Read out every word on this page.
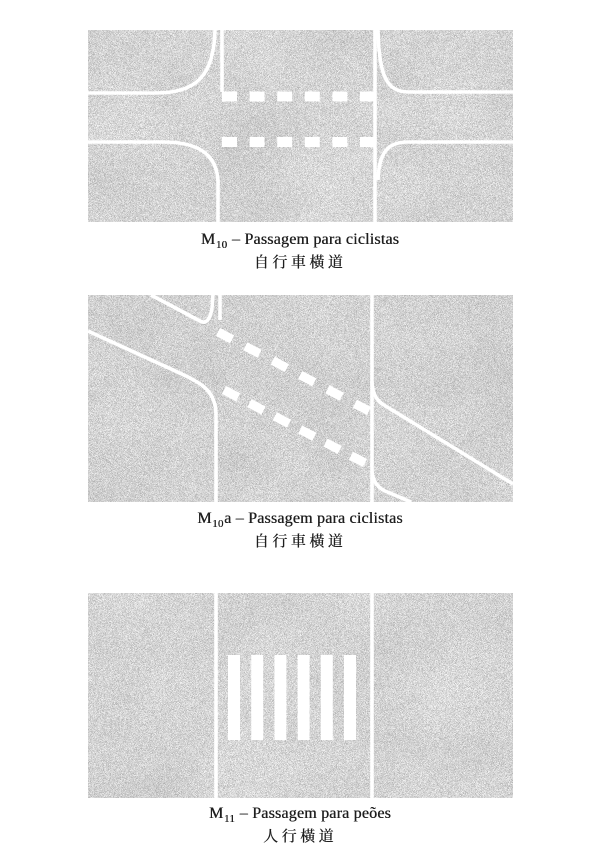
$M_{10}$ – Passagem para ciclistas
自行車橫道
$M_{10}a$ – Passagem para ciclistas
自行車橫道
$M_{11}$ – Passagem para peões
人行橫道
